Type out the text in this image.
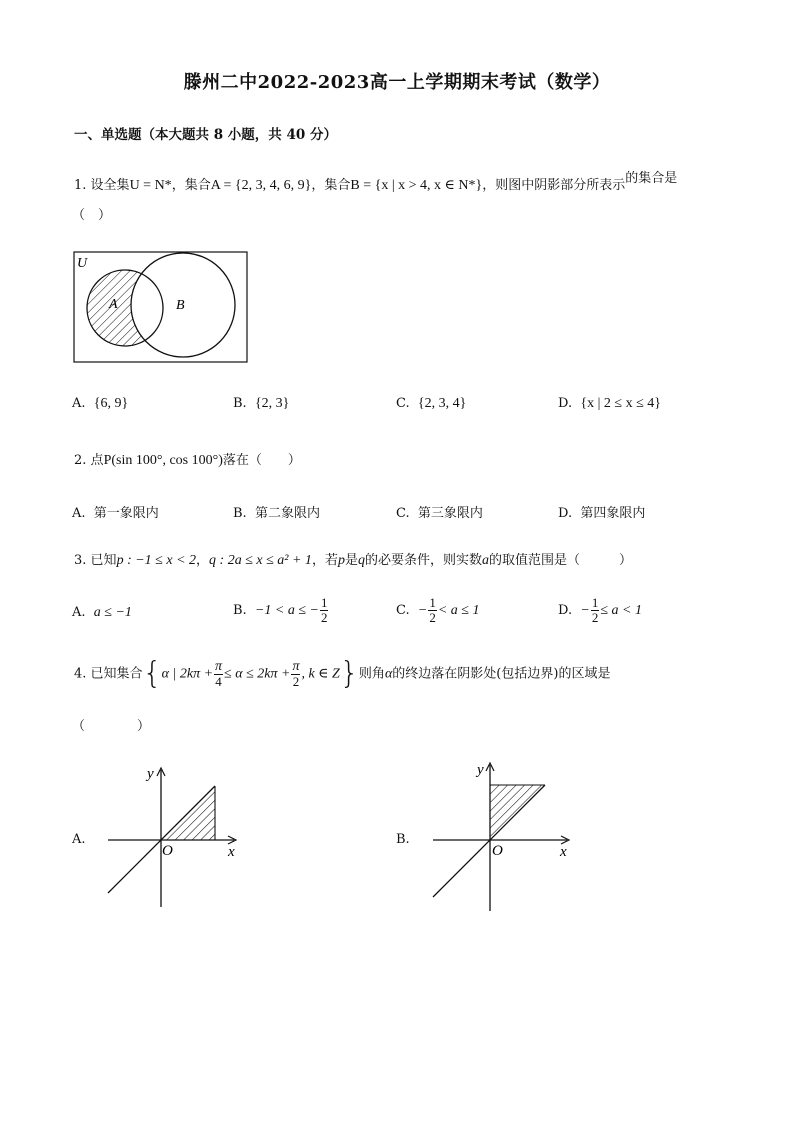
滕州二中2022-2023高一上学期期末考试（数学）
一、单选题（本大题共 8 小题，共 40 分）
1. 设全集U = N*，集合A = {2, 3, 4, 6, 9}，集合B = {x | x > 4, x ∈ N*}，则图中阴影部分所表示的集合是
（　）
U
A	B
A. {6, 9}	B. {2, 3}	C. {2, 3, 4}	D. {x | 2 ≤ x ≤ 4}
2. 点P(sin 100°, cos 100°)落在（　　）
A. 第一象限内	B. 第二象限内	C. 第三象限内	D. 第四象限内
3. 已知p : −1 ≤ x < 2，q : 2a ≤ x ≤ a² + 1，若p是q的必要条件，则实数a的取值范围是（　　　）
A. a ≤ −1	B. −1 < a ≤ − $\frac{1}{2}$	C. − $\frac{1}{2} < a \le 1$	D. − $\frac{1}{2} \le a < 1$
4. 已知集合{α | $2k\pi + \frac{\pi}{4} \le \alpha \le 2k\pi + \frac{\pi}{2}$ , k ∈ Z}则角α的终边落在阴影处(包括边界)的区域是
（　　　　）
A.
y
x
O
B.
y
x
O
